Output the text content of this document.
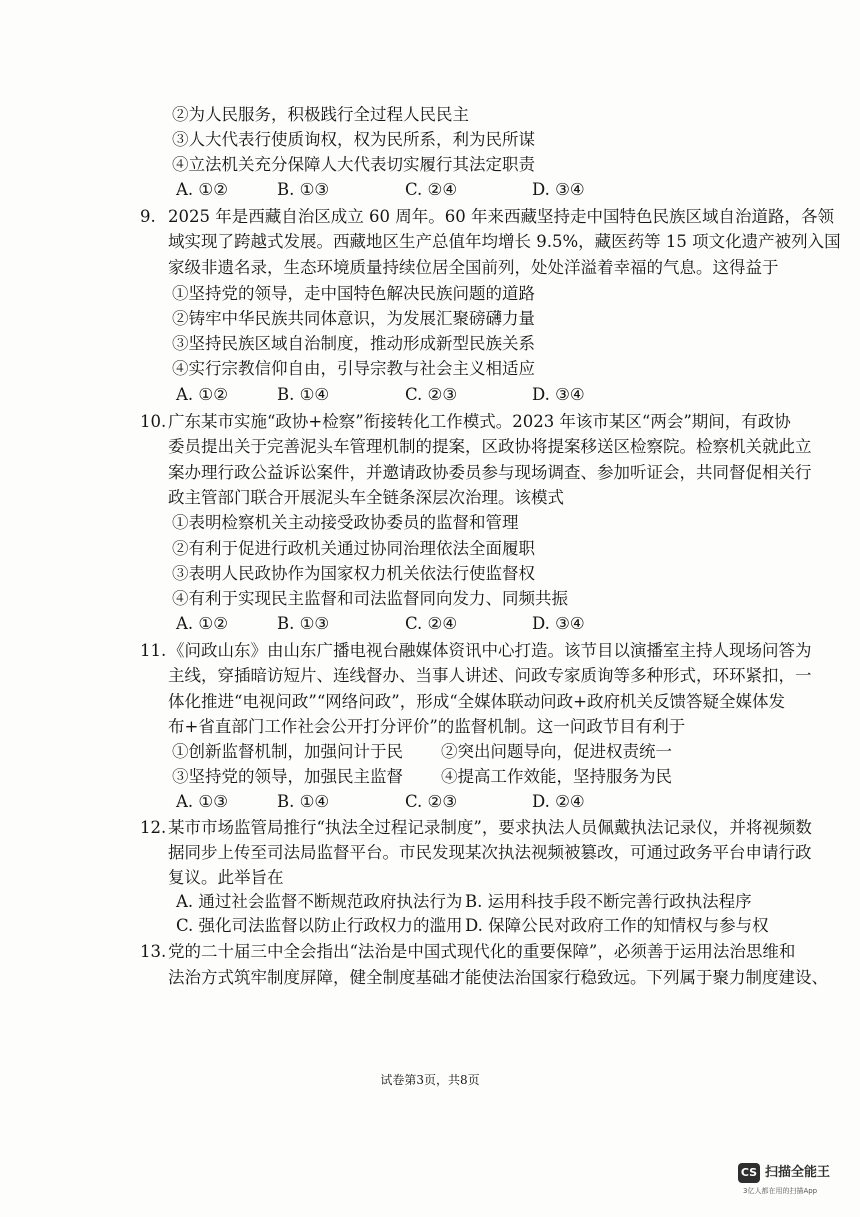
②为人民服务，积极践行全过程人民民主
③人大代表行使质询权，权为民所系，利为民所谋
④立法机关充分保障人大代表切实履行其法定职责
A. ①②	B. ①③	C. ②④	D. ③④
9. 2025 年是西藏自治区成立 60 周年。60 年来西藏坚持走中国特色民族区域自治道路，各领
域实现了跨越式发展。西藏地区生产总值年均增长 9.5%，藏医药等 15 项文化遗产被列入国
家级非遗名录，生态环境质量持续位居全国前列，处处洋溢着幸福的气息。这得益于
①坚持党的领导，走中国特色解决民族问题的道路
②铸牢中华民族共同体意识，为发展汇聚磅礴力量
③坚持民族区域自治制度，推动形成新型民族关系
④实行宗教信仰自由，引导宗教与社会主义相适应
A. ①②	B. ①④	C. ②③	D. ③④
10. 广东某市实施“政协+检察”衔接转化工作模式。2023 年该市某区“两会”期间，有政协
委员提出关于完善泥头车管理机制的提案，区政协将提案移送区检察院。检察机关就此立
案办理行政公益诉讼案件，并邀请政协委员参与现场调查、参加听证会，共同督促相关行
政主管部门联合开展泥头车全链条深层次治理。该模式
①表明检察机关主动接受政协委员的监督和管理
②有利于促进行政机关通过协同治理依法全面履职
③表明人民政协作为国家权力机关依法行使监督权
④有利于实现民主监督和司法监督同向发力、同频共振
A. ①②	B. ①③	C. ②④	D. ③④
11. 《问政山东》由山东广播电视台融媒体资讯中心打造。该节目以演播室主持人现场问答为
主线，穿插暗访短片、连线督办、当事人讲述、问政专家质询等多种形式，环环紧扣，一
体化推进“电视问政”“网络问政”，形成“全媒体联动问政+政府机关反馈答疑全媒体发
布+省直部门工作社会公开打分评价”的监督机制。这一问政节目有利于
①创新监督机制，加强问计于民 ②突出问题导向，促进权责统一
③坚持党的领导，加强民主监督 ④提高工作效能，坚持服务为民
A. ①③	B. ①④	C. ②③	D. ②④
12. 某市市场监管局推行“执法全过程记录制度”，要求执法人员佩戴执法记录仪，并将视频数
据同步上传至司法局监督平台。市民发现某次执法视频被篡改，可通过政务平台申请行政
复议。此举旨在
A. 通过社会监督不断规范政府执法行为 B. 运用科技手段不断完善行政执法程序
C. 强化司法监督以防止行政权力的滥用 D. 保障公民对政府工作的知情权与参与权
13. 党的二十届三中全会指出“法治是中国式现代化的重要保障”，必须善于运用法治思维和
法治方式筑牢制度屏障，健全制度基础才能使法治国家行稳致远。下列属于聚力制度建设、
试卷第3页，共8页
CS 扫描全能王
3亿人都在用的扫描App
